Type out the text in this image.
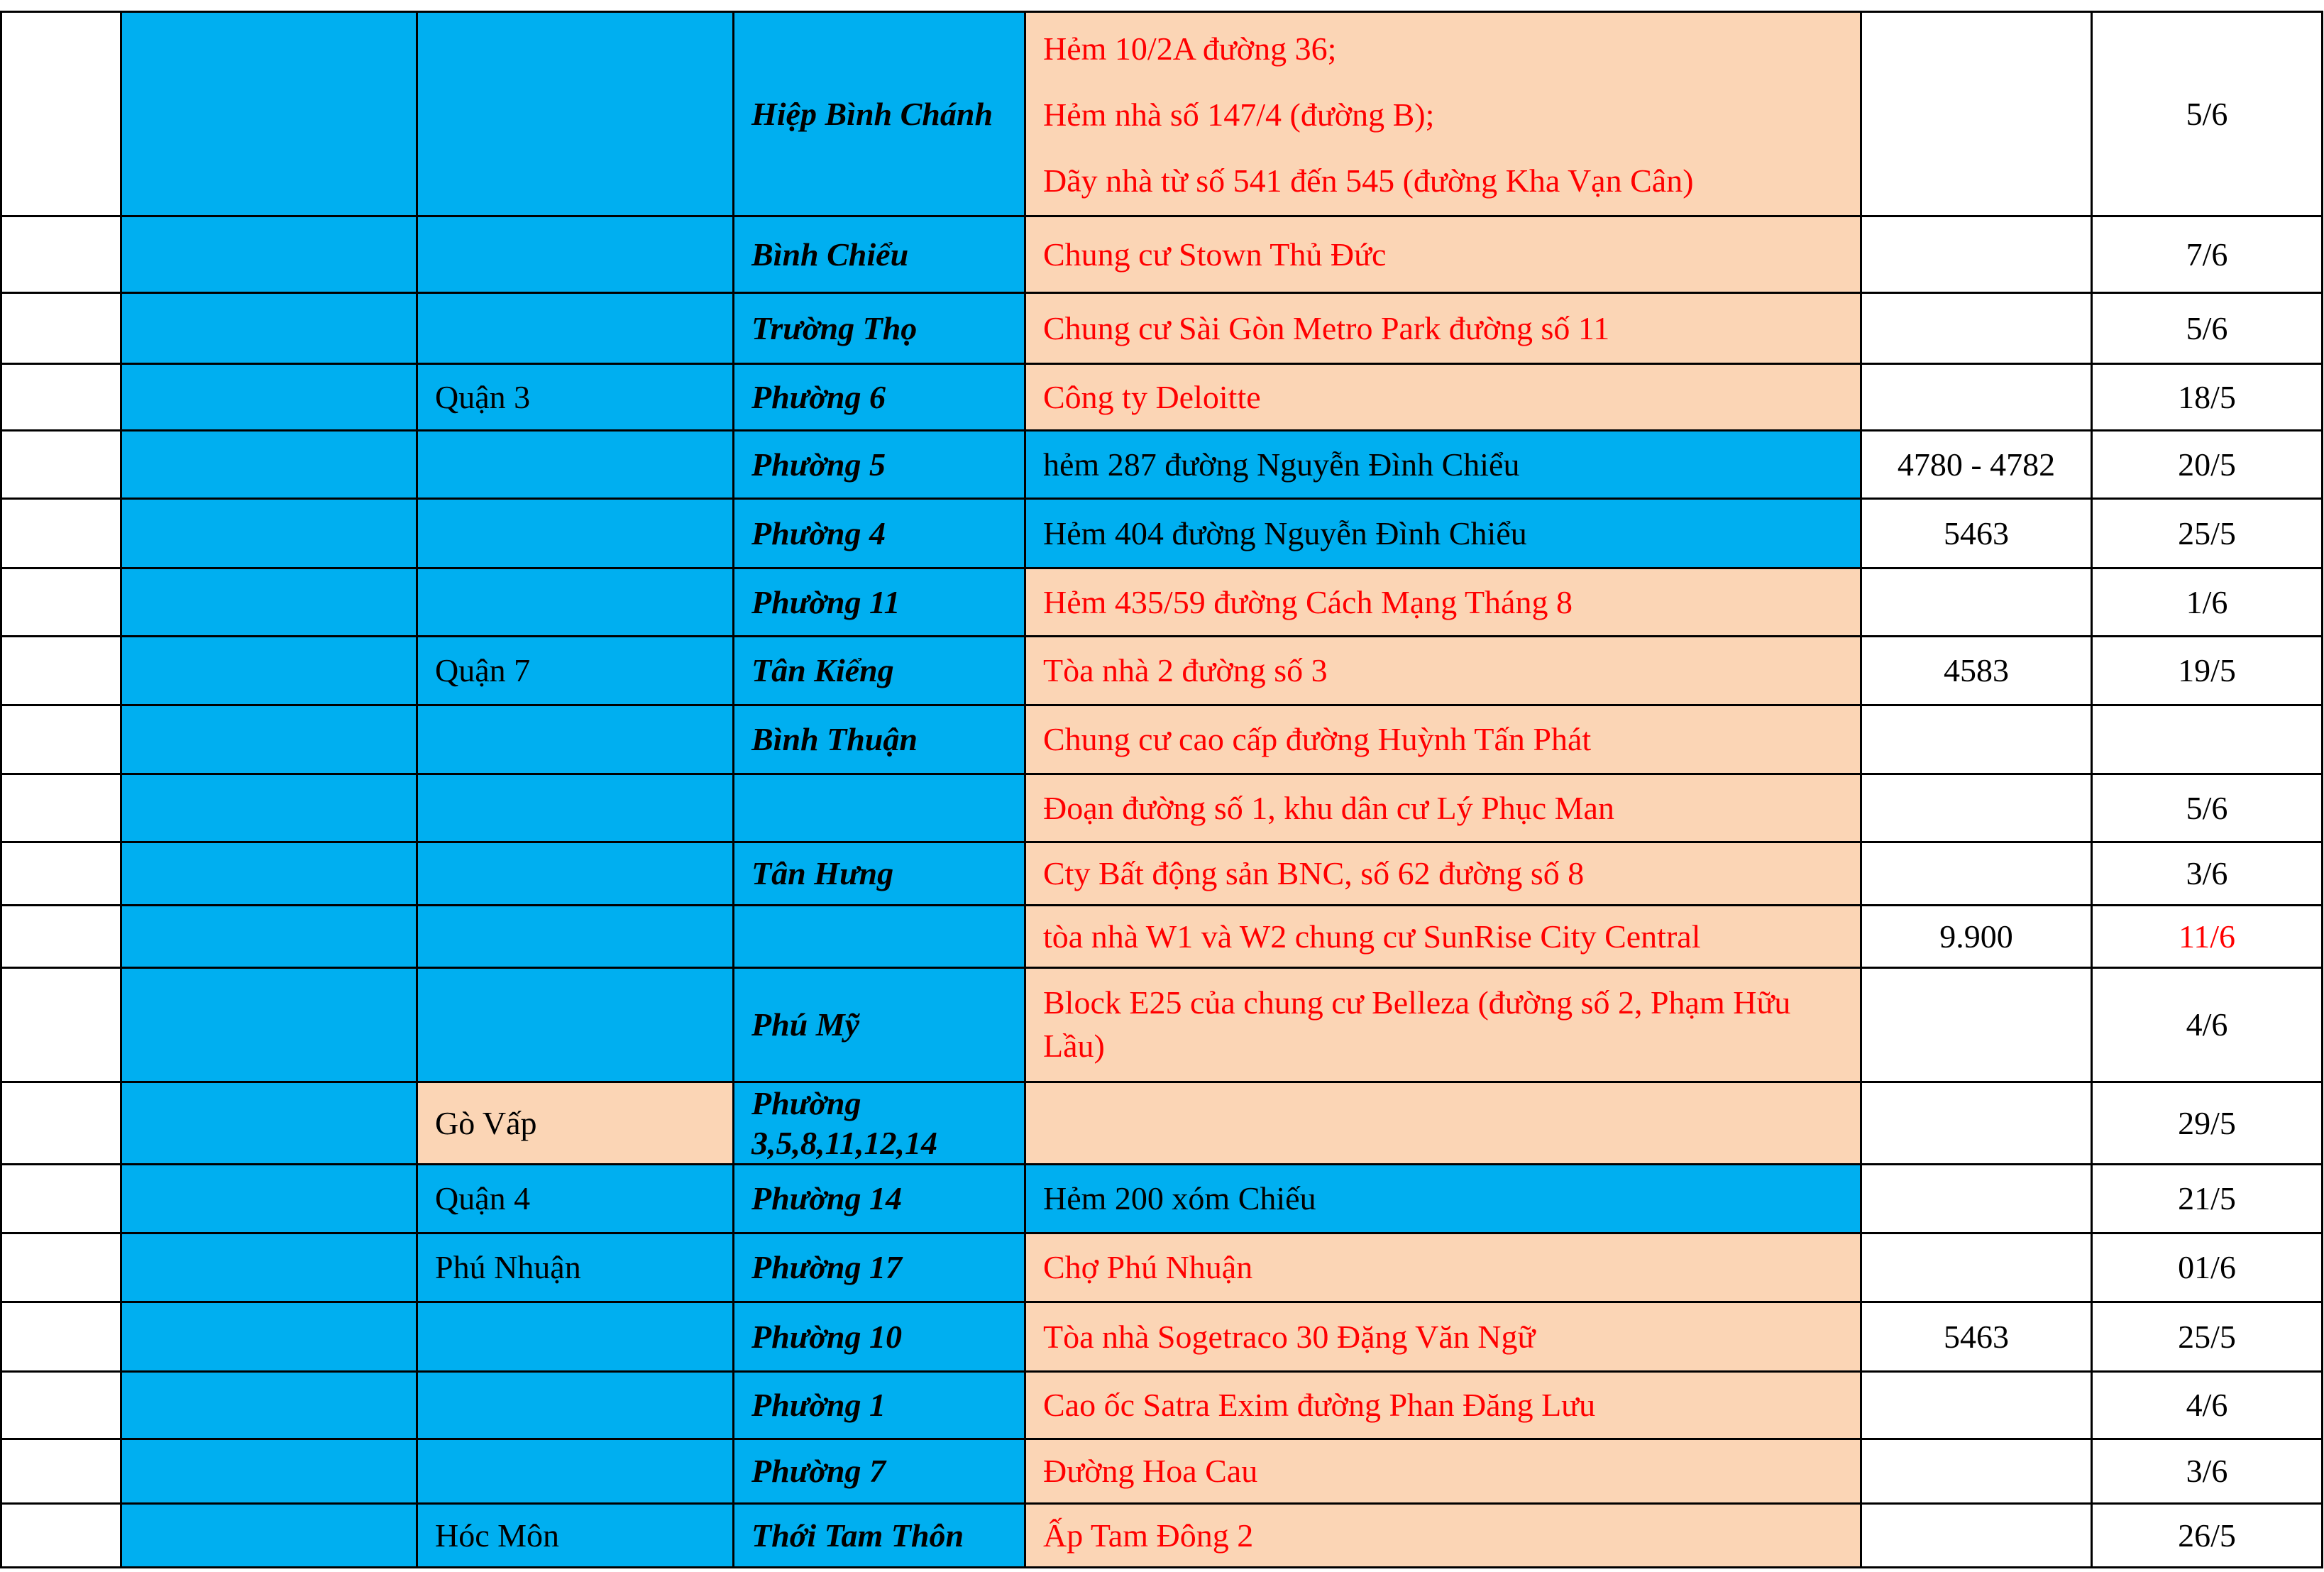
			Hiệp Bình Chánh	Hẻm 10/2A đường 36;
Hẻm nhà số 147/4 (đường B);
Dãy nhà từ số 541 đến 545 (đường Kha Vạn Cân)		5/6
			Bình Chiểu	Chung cư Stown Thủ Đức		7/6
			Trường Thọ	Chung cư Sài Gòn Metro Park đường số 11		5/6
		Quận 3	Phường 6	Công ty Deloitte		18/5
			Phường 5	hẻm 287 đường Nguyễn Đình Chiểu	4780 - 4782	20/5
			Phường 4	Hẻm 404 đường Nguyễn Đình Chiểu	5463	25/5
			Phường 11	Hẻm 435/59 đường Cách Mạng Tháng 8		1/6
		Quận 7	Tân Kiểng	Tòa nhà 2 đường số 3	4583	19/5
			Bình Thuận	Chung cư cao cấp đường Huỳnh Tấn Phát		

				Đoạn đường số 1, khu dân cư Lý Phục Man		5/6
			Tân Hưng	Cty Bất động sản BNC, số 62 đường số 8		3/6

				tòa nhà W1 và W2 chung cư SunRise City Central	9.900	11/6
			Phú Mỹ	Block E25 của chung cư Belleza (đường số 2, Phạm Hữu Lầu)		4/6
		Gò Vấp	Phường 3,5,8,11,12,14			29/5
		Quận 4	Phường 14	Hẻm 200 xóm Chiếu		21/5
		Phú Nhuận	Phường 17	Chợ Phú Nhuận		01/6
			Phường 10	Tòa nhà Sogetraco 30 Đặng Văn Ngữ	5463	25/5
			Phường 1	Cao ốc Satra Exim đường Phan Đăng Lưu		4/6
			Phường 7	Đường Hoa Cau		3/6
		Hóc Môn	Thới Tam Thôn	Ấp Tam Đông 2		26/5
